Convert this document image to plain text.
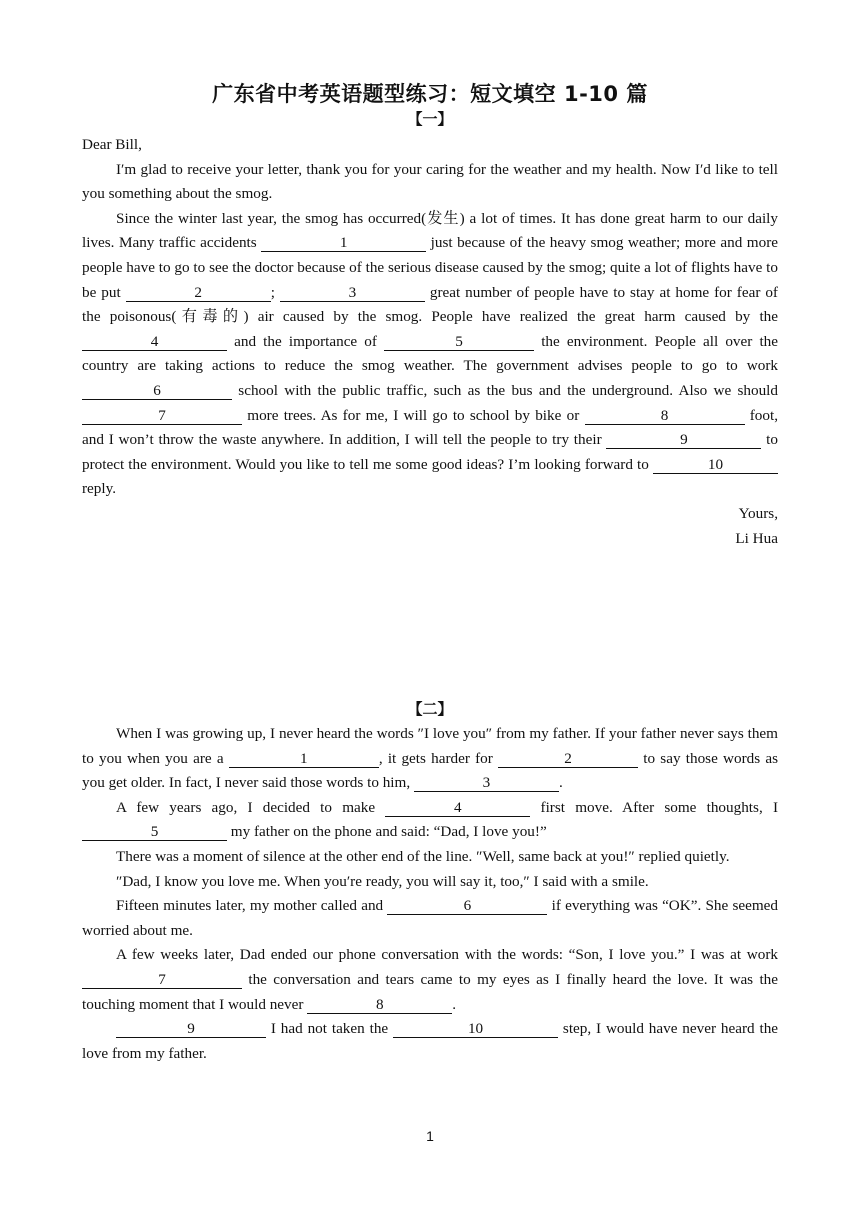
广东省中考英语题型练习：短文填空 1-10 篇
【一】

Dear Bill,

I′m glad to receive your letter, thank you for your caring for the weather and my health. Now I′d like to tell you something about the smog.

Since the winter last year, the smog has occurred(发生) a lot of times. It has done great harm to our daily lives. Many traffic accidents	1	just because of the heavy smog weather; more and more people have to go to see the doctor because of the serious disease caused by the smog; quite a lot of flights have to be put	2	;	3	great number of people have to stay at home for fear of the poisonous(有毒的) air caused by the smog. People have realized the great harm caused by the 4	and the importance of	5	the environment. People all over the country are taking actions to reduce the smog weather. The government advises people to go to work 6	school with the public traffic, such as the bus and the underground. Also we should 7	more trees. As for me, I will go to school by bike or	8	foot, and I won’t throw the waste anywhere. In addition, I will tell the people to try their	9	to protect the environment. Would you like to tell me some good ideas? I’m looking forward to	10 reply.

Yours,

Li Hua

【二】

When I was growing up, I never heard the words ″I love you″ from my father. If your father never says them to you when you are a	1	, it gets harder for	2	to say those words as you get older. In fact, I never said those words to him,	3	.

A few years ago, I decided to make	4	first move. After some thoughts, I 5	my father on the phone and said: “Dad, I love you!”

There was a moment of silence at the other end of the line. ″Well, same back at you!″ replied quietly.

″Dad, I know you love me. When you′re ready, you will say it, too,″ I said with a smile.

Fifteen minutes later, my mother called and	6	if everything was “OK”. She seemed worried about me.

A few weeks later, Dad ended our phone conversation with the words: “Son, I love you.” I was at work 7	the conversation and tears came to my eyes as I finally heard the love. It was the touching moment that I would never	8	.

9	I had not taken the	10	step, I would have never heard the love from my father.

1
